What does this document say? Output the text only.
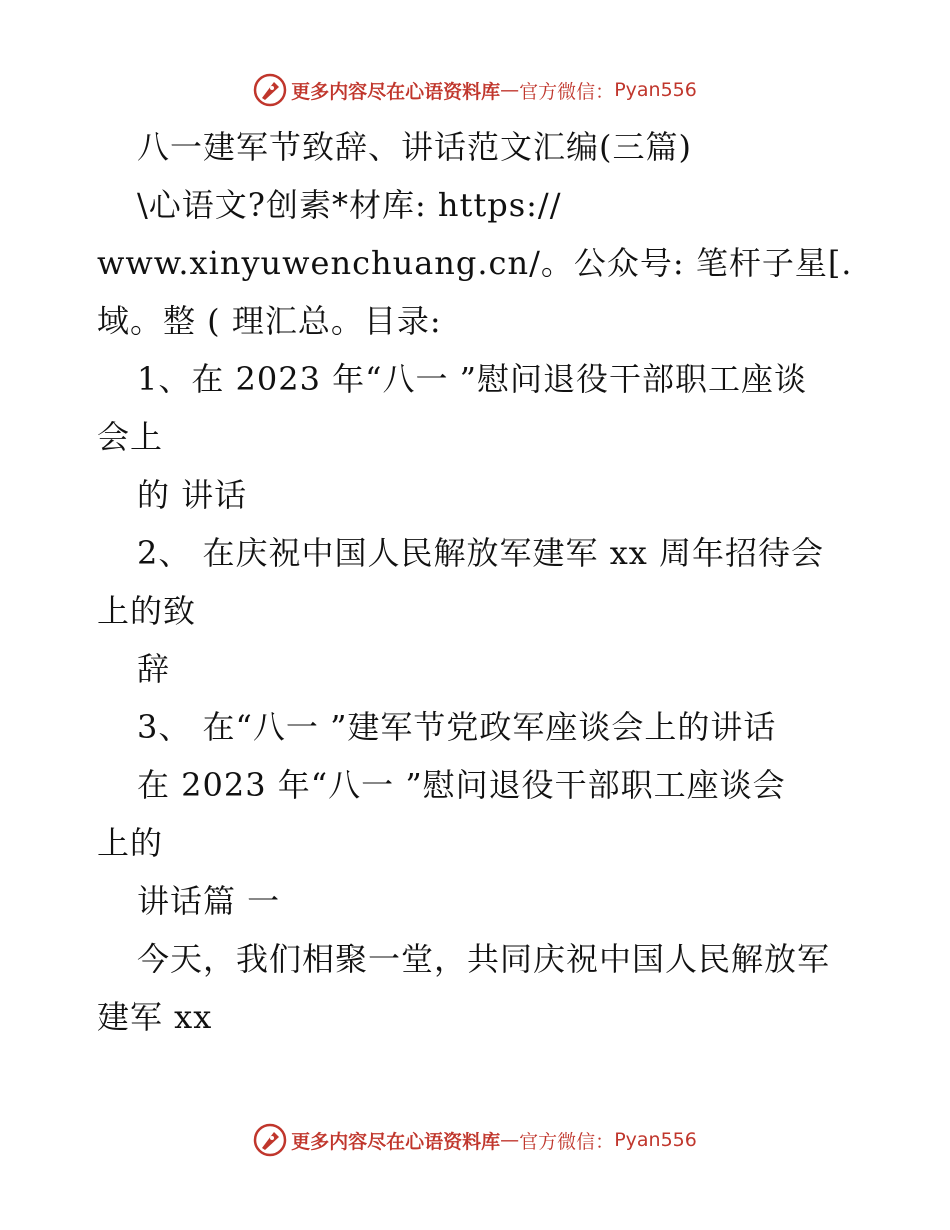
更多内容尽在心语资料库 — 官方微信： Pyan556
八一建军节致辞、讲话范文汇编(三篇)
\心语文?创素*材库: https://
www.xinyuwenchuang.cn/。公众号: 笔杆子星[.
域。整 ( 理汇总。目录:
1、在 2023 年“八一 ”慰问退役干部职工座谈
会上
的 讲话
2、 在庆祝中国人民解放军建军 xx 周年招待会
上的致
辞
3、 在“八一 ”建军节党政军座谈会上的讲话
在 2023 年“八一 ”慰问退役干部职工座谈会
上的
讲话篇 一
今天，我们相聚一堂，共同庆祝中国人民解放军
建军 xx
更多内容尽在心语资料库 — 官方微信： Pyan556
